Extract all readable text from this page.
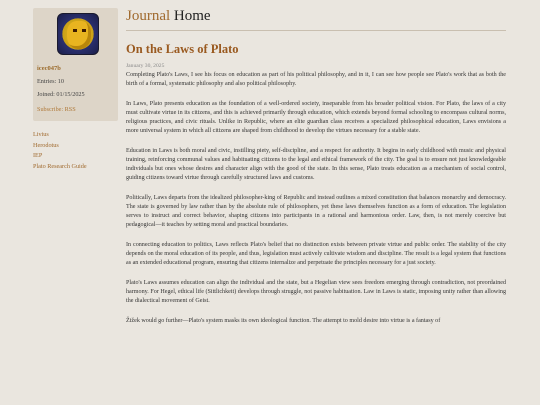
icec047b
Entries: 10
Joined: 01/15/2025
Subscribe: RSS
Livius
Herodotus
IEP
Plato Research Guide
Journal Home
On the Laws of Plato
January 30, 2025

Completing Plato's Laws, I see his focus on education as part of his political philosophy, and in it, I can see how people see Plato's work that as both the birth of a formal, systematic philosophy and also political philosophy.

In Laws, Plato presents education as the foundation of a well-ordered society, inseparable from his broader political vision. For Plato, the laws of a city must cultivate virtue in its citizens, and this is achieved primarily through education, which extends beyond formal schooling to encompass cultural norms, religious practices, and civic rituals. Unlike in Republic, where an elite guardian class receives a specialized philosophical education, Laws envisions a more universal system in which all citizens are shaped from childhood to develop the virtues necessary for a stable state.

Education in Laws is both moral and civic, instilling piety, self-discipline, and a respect for authority. It begins in early childhood with music and physical training, reinforcing communal values and habituating citizens to the legal and ethical framework of the city. The goal is to ensure not just knowledgeable individuals but ones whose desires and character align with the good of the state. In this sense, Plato treats education as a mechanism of social control, guiding citizens toward virtue through carefully structured laws and customs.

Politically, Laws departs from the idealized philosopher-king of Republic and instead outlines a mixed constitution that balances monarchy and democracy. The state is governed by law rather than by the absolute rule of philosophers, yet these laws themselves function as a form of education. The legislation serves to instruct and correct behavior, shaping citizens into participants in a rational and harmonious order. Law, then, is not merely coercive but pedagogical—it teaches by setting moral and practical boundaries.

In connecting education to politics, Laws reflects Plato's belief that no distinction exists between private virtue and public order. The stability of the city depends on the moral education of its people, and thus, legislation must actively cultivate wisdom and discipline. The result is a legal system that functions as an extended educational program, ensuring that citizens internalize and perpetuate the principles necessary for a just society.

Plato's Laws assumes education can align the individual and the state, but a Hegelian view sees freedom emerging through contradiction, not preordained harmony. For Hegel, ethical life (Sittlichkeit) develops through struggle, not passive habituation. Law in Laws is static, imposing unity rather than allowing the dialectical movement of Geist.

Žižek would go further—Plato's system masks its own ideological function. The attempt to mold desire into virtue is a fantasy of
